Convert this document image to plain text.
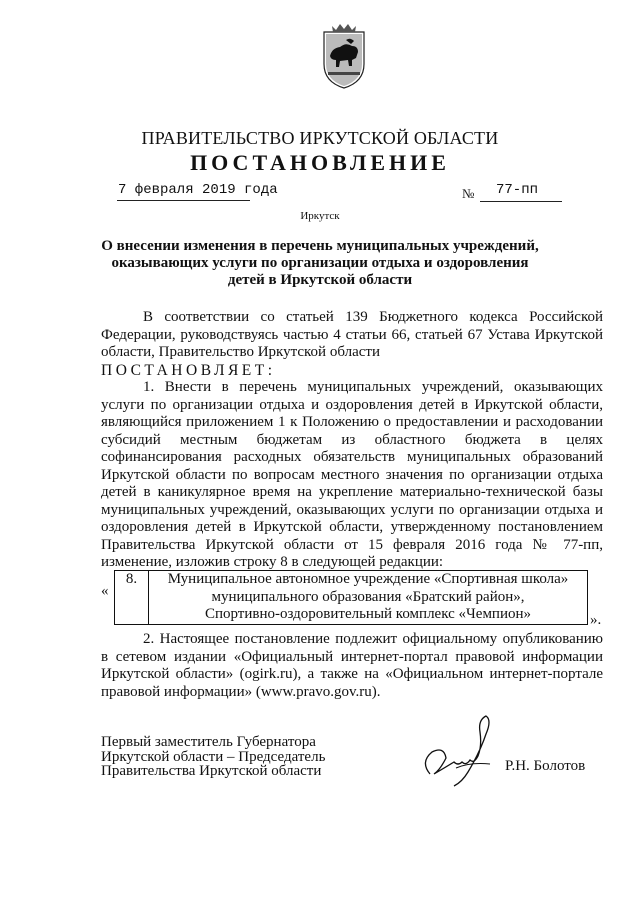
ПРАВИТЕЛЬСТВО ИРКУТСКОЙ ОБЛАСТИ
ПОСТАНОВЛЕНИЕ
7 февраля 2019 года	№ 77-пп
Иркутск
О внесении изменения в перечень муниципальных учреждений, оказывающих услуги по организации отдыха и оздоровления детей в Иркутской области
В соответствии со статьей 139 Бюджетного кодекса Российской Федерации, руководствуясь частью 4 статьи 66, статьей 67 Устава Иркутской области, Правительство Иркутской области
ПОСТАНОВЛЯЕТ:
1. Внести в перечень муниципальных учреждений, оказывающих услуги по организации отдыха и оздоровления детей в Иркутской области, являющийся приложением 1 к Положению о предоставлении и расходовании субсидий местным бюджетам из областного бюджета в целях софинансирования расходных обязательств муниципальных образований Иркутской области по вопросам местного значения по организации отдыха детей в каникулярное время на укрепление материально-технической базы муниципальных учреждений, оказывающих услуги по организации отдыха и оздоровления детей в Иркутской области, утвержденному постановлением Правительства Иркутской области от 15 февраля 2016 года № 77-пп, изменение, изложив строку 8 в следующей редакции:
«
8.	Муниципальное автономное учреждение «Спортивная школа»
муниципального образования «Братский район»,
Спортивно-оздоровительный комплекс «Чемпион»	».
2. Настоящее постановление подлежит официальному опубликованию в сетевом издании «Официальный интернет-портал правовой информации Иркутской области» (ogirk.ru), а также на «Официальном интернет-портале правовой информации» (www.pravo.gov.ru).
Первый заместитель Губернатора
Иркутской области – Председатель
Правительства Иркутской области	Р.Н. Болотов
